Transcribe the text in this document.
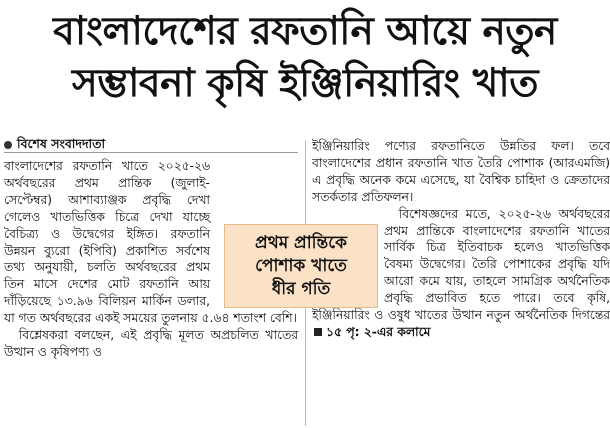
বাংলাদেশের রফতানি আয়ে নতুন
সম্ভাবনা কৃষি ইঞ্জিনিয়ারিং খাত
বিশেষ সংবাদদাতা

বাংলাদেশের রফতানি খাতে ২০২৫-২৬ অর্থবছরের প্রথম প্রান্তিক (জুলাই-সেপ্টেম্বর) আশাব্যাঞ্জক প্রবৃদ্ধি দেখা গেলেও খাতভিত্তিক চিত্রে দেখা যাচ্ছে বৈচিত্র্য ও উদ্বেগের ইঙ্গিত। রফতানি উন্নয়ন ব্যুরো (ইপিবি) প্রকাশিত সর্বশেষ তথ্য অনুযায়ী, চলতি অর্থবছরের প্রথম তিন মাসে দেশের মোট রফতানি আয় দাঁড়িয়েছে ১৩.৯৬ বিলিয়ন মার্কিন ডলার, যা গত অর্থবছরের একই সময়ের তুলনায় ৫.৬৪ শতাংশ বেশি।

বিশ্লেষকরা বলছেন, এই প্রবৃদ্ধি মূলত অপ্রচলিত খাতের উত্থান ও কৃষিপণ্য ও

ইঞ্জিনিয়ারিং পণ্যের রফতানিতে উন্নতির ফল। তবে বাংলাদেশের প্রধান রফতানি খাত তৈরি পোশাক (আরএমজি) এ প্রবৃদ্ধি অনেক কমে এসেছে, যা বৈশ্বিক চাহিদা ও ক্রেতাদের সতর্কতার প্রতিফলন।

বিশেষজ্ঞদের মতে, ২০২৫-২৬ অর্থবছরের প্রথম প্রান্তিকে বাংলাদেশের রফতানি খাতের সার্বিক চিত্র ইতিবাচক হলেও খাতভিত্তিক বৈষম্য উদ্বেগের। তৈরি পোশাকের প্রবৃদ্ধি যদি আরো কমে যায়, তাহলে সামগ্রিক অর্থনৈতিক প্রবৃদ্ধি প্রভাবিত হতে পারে। তবে কৃষি, ইঞ্জিনিয়ারিং ও ওষুধ খাতের উত্থান নতুন অর্থনৈতিক দিগন্তের ১৫ পৃ: ২-এর কলামে

প্রথম প্রান্তিকে
পোশাক খাতে
ধীর গতি
